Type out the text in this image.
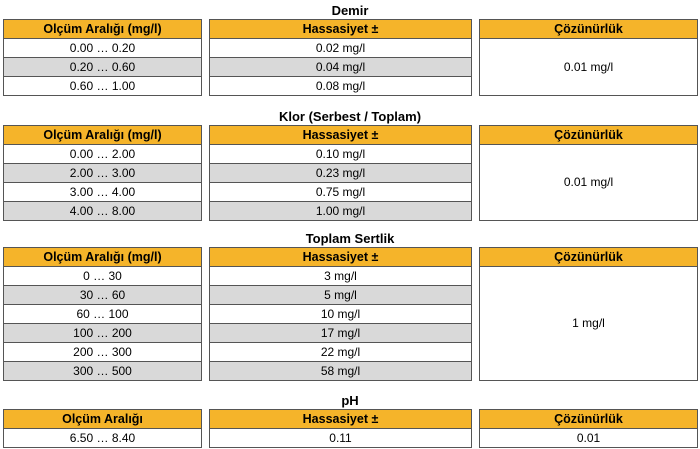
Demir
Olçüm Aralığı (mg/l)		Hassasiyet ±		Çözünürlük
0.00 … 0.20		0.02 mg/l		0.01 mg/l
0.20 … 0.60		0.04 mg/l		
0.60 … 1.00		0.08 mg/l		
Klor (Serbest / Toplam)
Olçüm Aralığı (mg/l)		Hassasiyet ±		Çözünürlük
0.00 … 2.00		0.10 mg/l		0.01 mg/l
2.00 … 3.00		0.23 mg/l		
3.00 … 4.00		0.75 mg/l		
4.00 … 8.00		1.00 mg/l		
Toplam Sertlik
Olçüm Aralığı (mg/l)		Hassasiyet ±		Çözünürlük
0 … 30		3 mg/l		1 mg/l
30 … 60		5 mg/l		
60 … 100		10 mg/l		
100 … 200		17 mg/l		
200 … 300		22 mg/l		
300 … 500		58 mg/l		
pH
Olçüm Aralığı		Hassasiyet ±		Çözünürlük
6.50 … 8.40		0.11		0.01
